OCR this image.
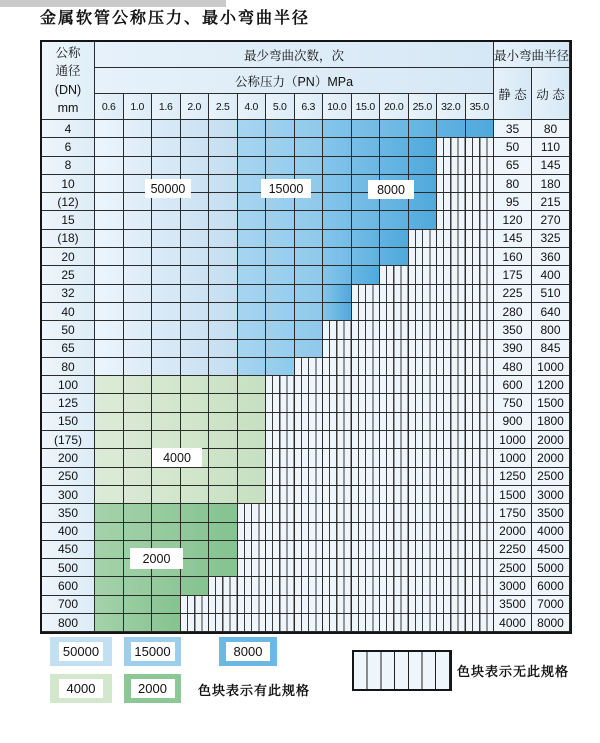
金属软管公称压力、最小弯曲半径
公称
通径
(DN)
mm
最少弯曲次数，次
公称压力（PN）MPa
最小弯曲半径
静 态 动 态
0.6	1.0	1.6	2.0	2.5	4.0	5.0	6.3	10.0 15.0 20.0 25.0 32.0 35.0
4	35	80
6	50	110
8	65	145
10	80	180
(12)	95	215
15	120	270
(18)	145	325
20	160	360
25	175	400
32	225	510
40	280	640
50	350	800
65	390	845
80	480	1000
100	600	1200
125	750	1500
150	900	1800
(175)	1000 2000
200	1000 2000
250	1250 2500
300	1500 3000
350	1750 3500
400	2000 4000
450	2250 4500
500	2500 5000
600	3000 6000
700	3500 7000
800	4000 8000
50000	15000	8000
4000
2000
50000	15000	8000
4000	2000	色块表示有此规格
色块表示无此规格
